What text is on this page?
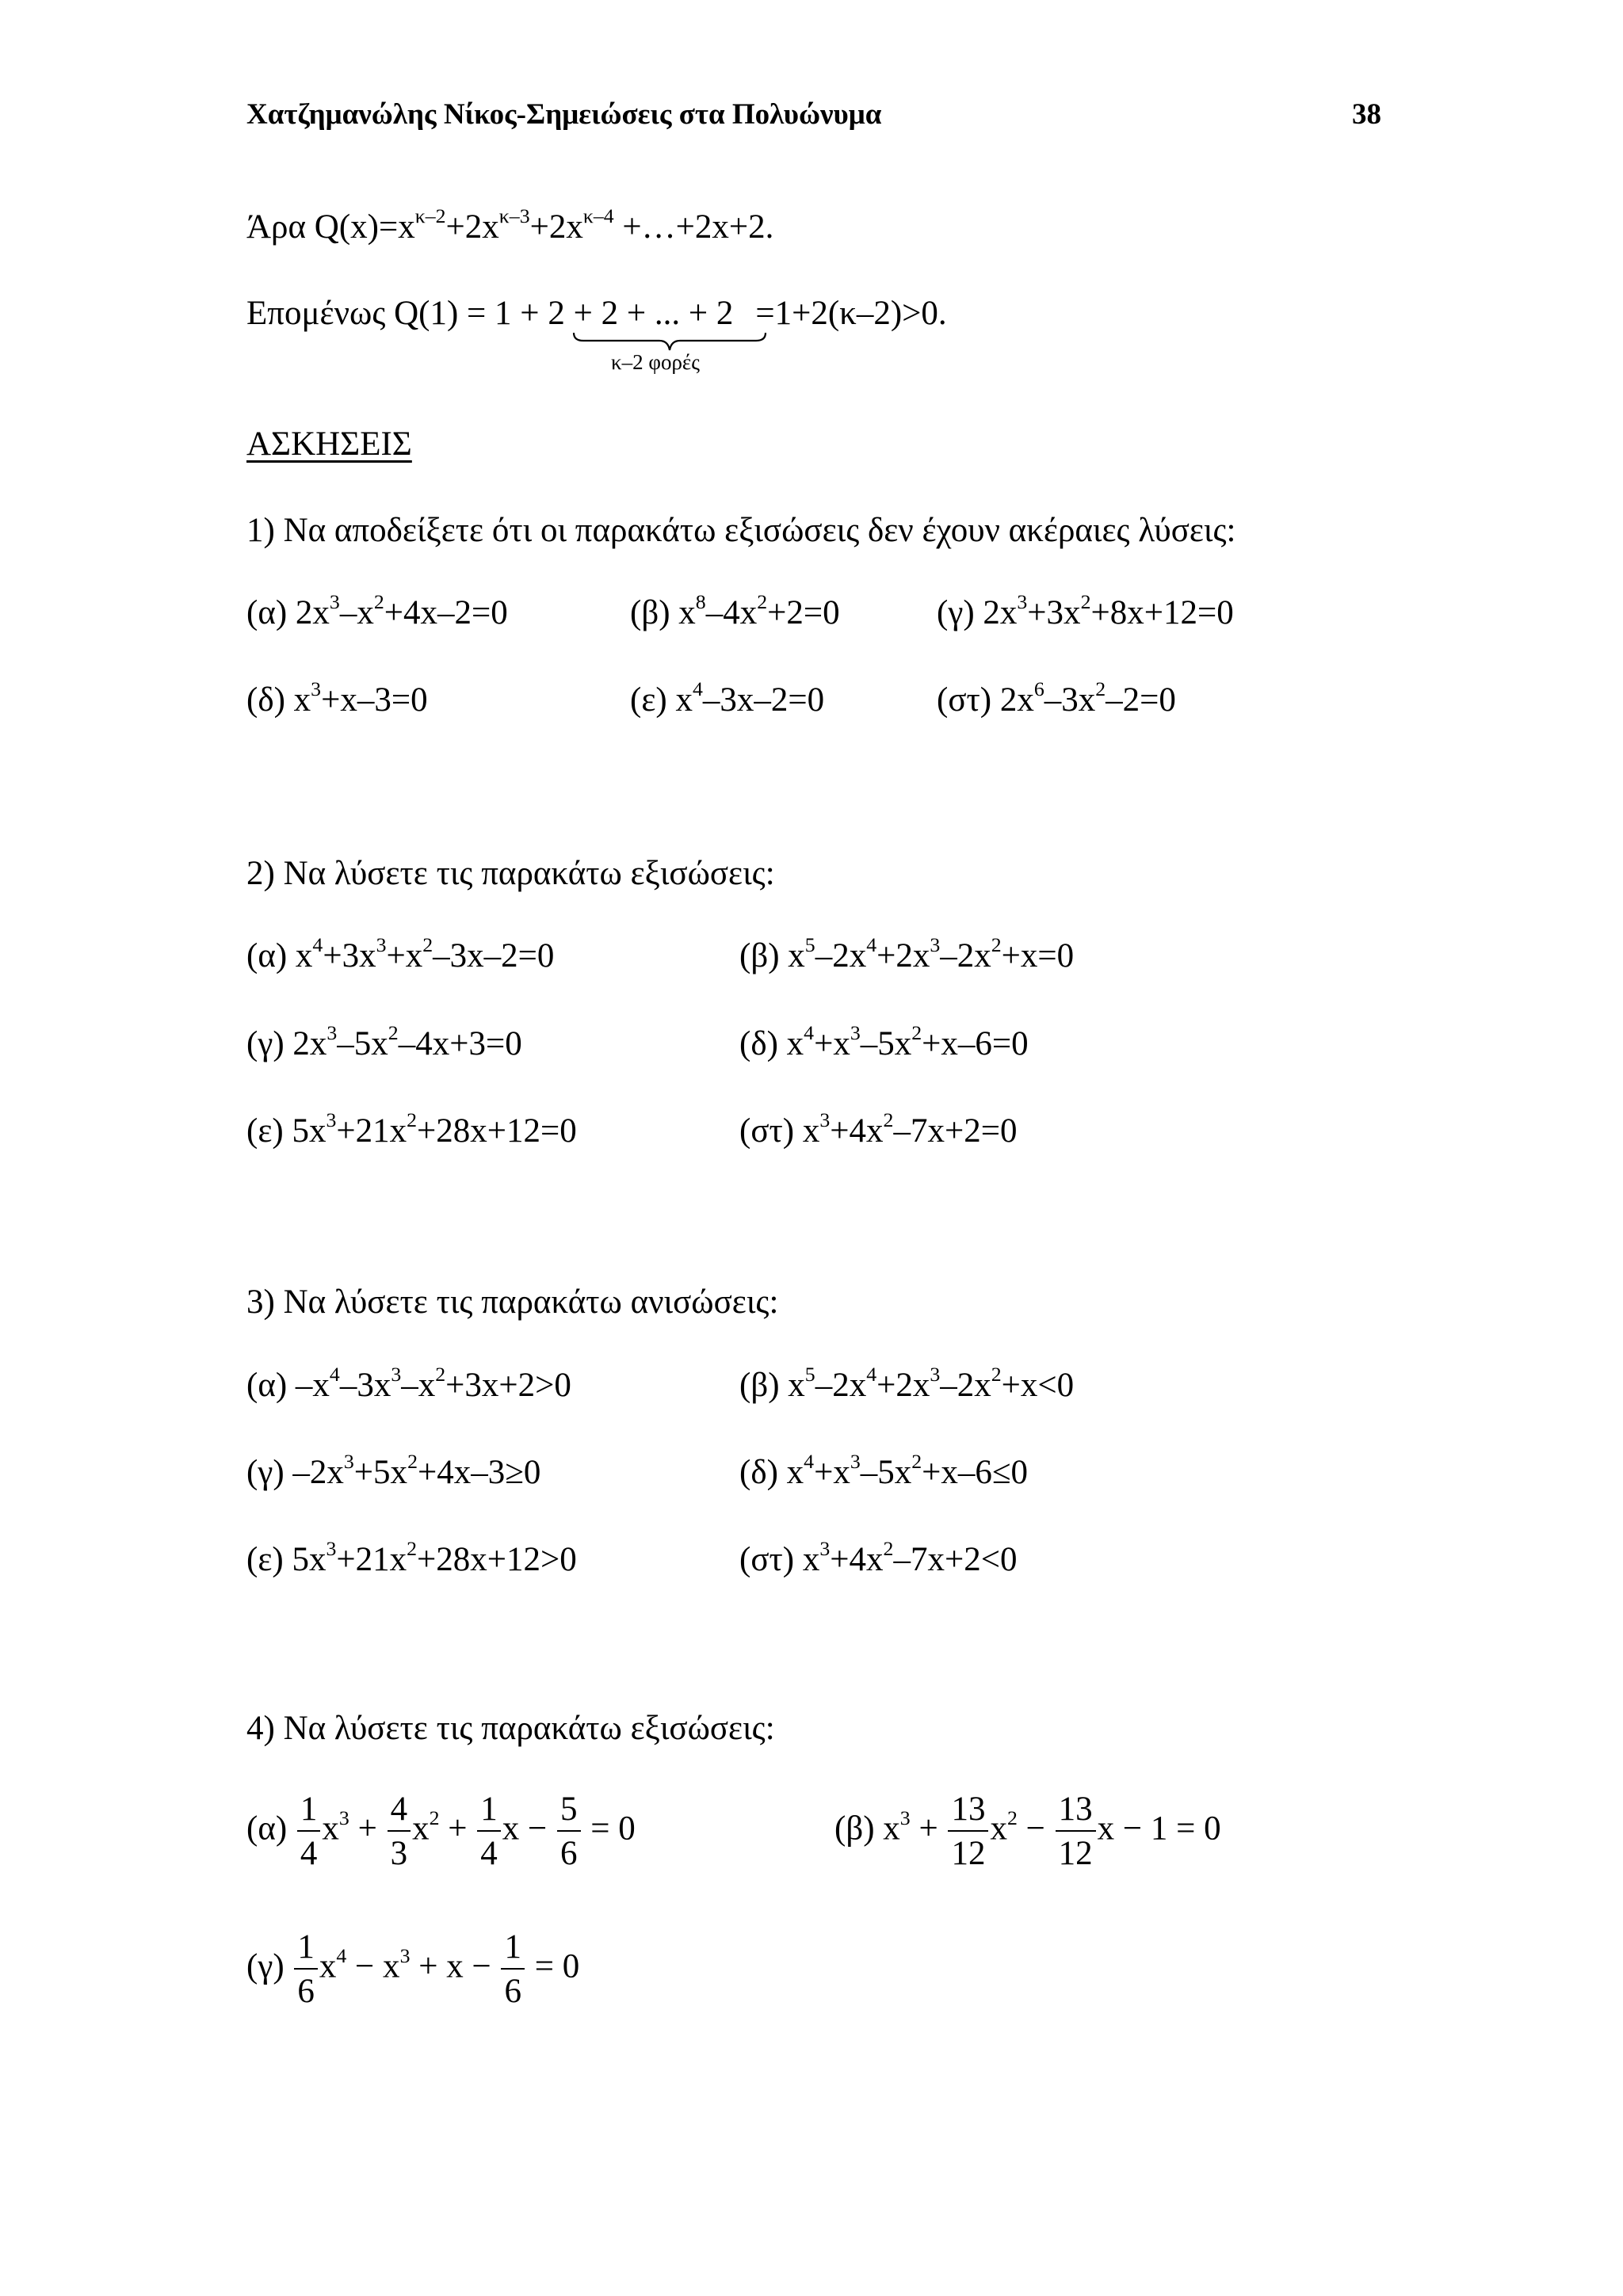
Χατζημανώλης Νίκος-Σημειώσεις στα Πολυώνυμα	38
Άρα $Q(x)=x^{\kappa-2}+2x^{\kappa-3}+2x^{\kappa-4}$ +…+2x+2.
Επομένως Q(1) = 1 + 2 + 2 + ... + 2 =1+2(κ–2)>0.
κ–2 φορές
ΑΣΚΗΣΕΙΣ
1) Να αποδείξετε ότι οι παρακάτω εξισώσεις δεν έχουν ακέραιες λύσεις:
(α) $2x^3-x^2+4x-2=0$	(β) $x^8-4x^2+2=0$	(γ) $2x^3+3x^2+8x+12=0$
(δ) $x^3+x-3=0$	(ε) $x^4-3x-2=0$	(στ) $2x^6-3x^2-2=0$
2) Να λύσετε τις παρακάτω εξισώσεις:
(α) $x^4+3x^3+x^2-3x-2=0$	(β) $x^5-2x^4+2x^3-2x^2+x=0$
(γ) $2x^3-5x^2-4x+3=0$	(δ) $x^4+x^3-5x^2+x-6=0$
(ε) $5x^3+21x^2+28x+12=0$	(στ) $x^3+4x^2-7x+2=0$
3) Να λύσετε τις παρακάτω ανισώσεις:
(α) $-x^4-3x^3-x^2+3x+2>0$	(β) $x^5-2x^4+2x^3-2x^2+x<0$
(γ) $-2x^3+5x^2+4x-3\ge 0$	(δ) $x^4+x^3-5x^2+x-6\le 0$
(ε) $5x^3+21x^2+28x+12>0$	(στ) $x^3+4x^2-7x+2<0$
4) Να λύσετε τις παρακάτω εξισώσεις:
$(\alpha) \frac{1}{4} x^3 + \frac{4}{3} x^2 + \frac{1}{4}$ $x - \frac{5}{6} = 0$	(β) $x^3 + \frac{13}{12} x^2 - \frac{13}{12}$ x − 1 = 0
$(\gamma) \frac{1}{6} x^4 - x^3 + x - \frac{1}{6} = 0$
